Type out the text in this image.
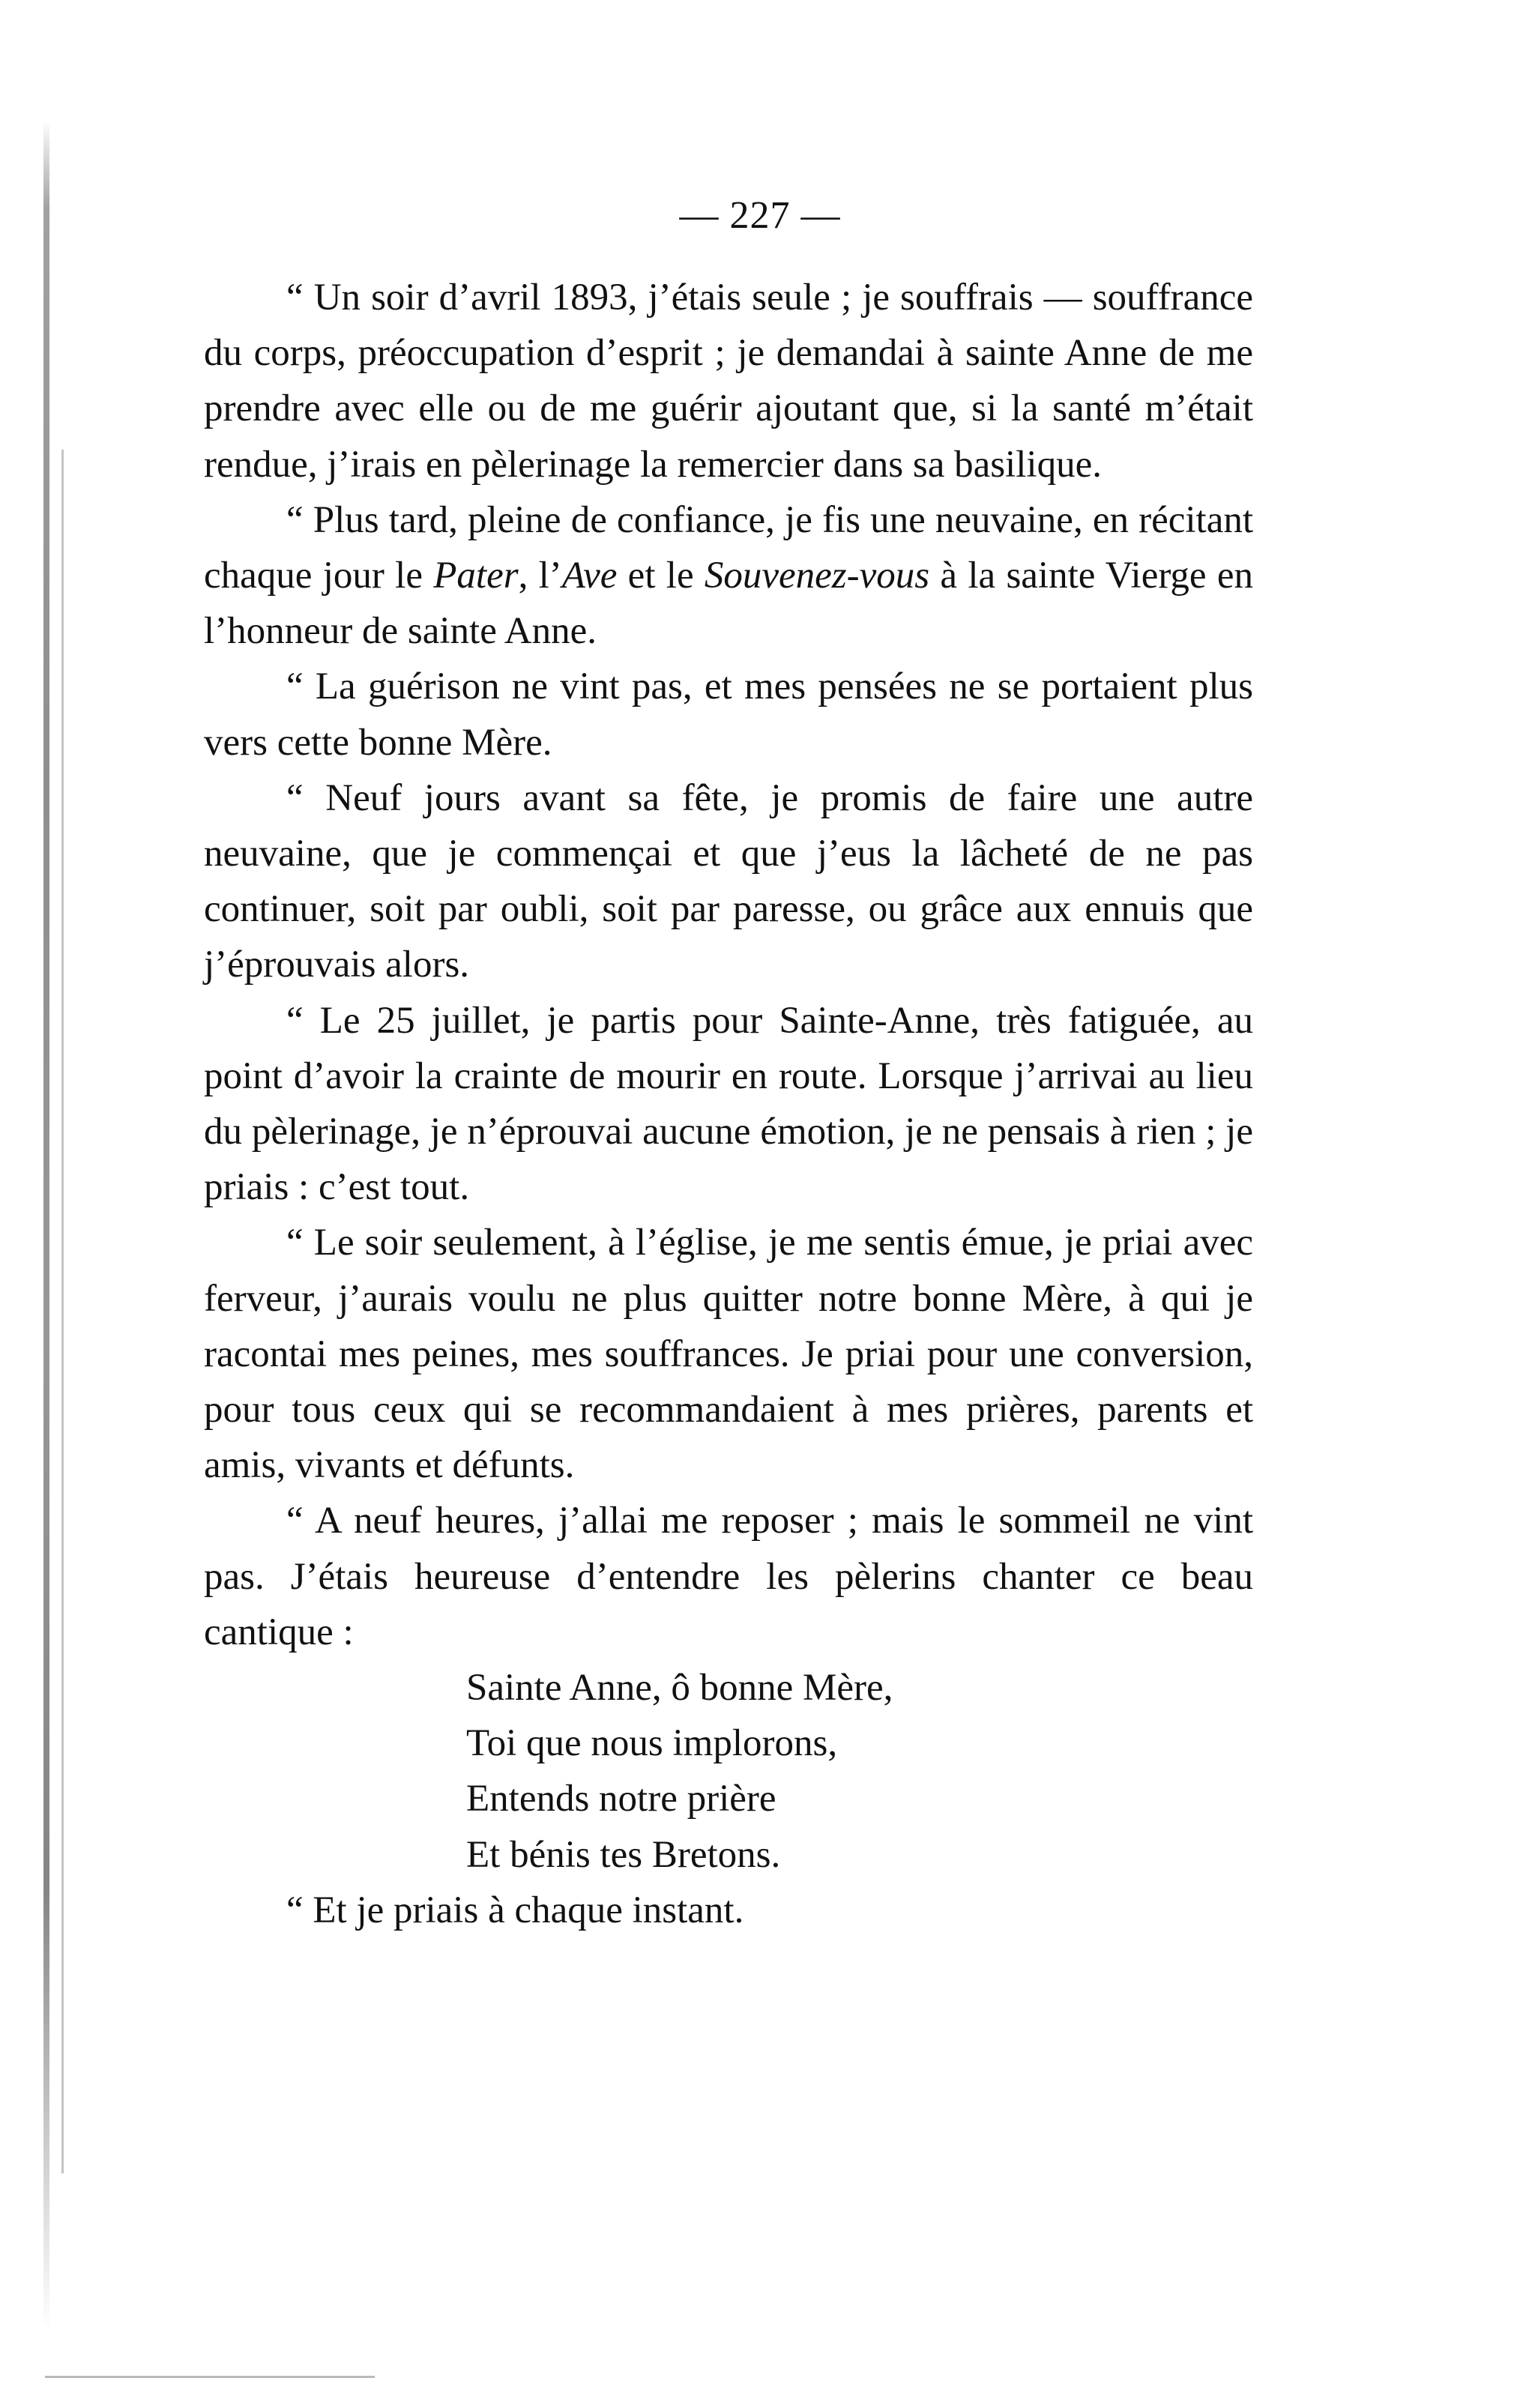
— 227 —

“ Un soir d’avril 1893, j’étais seule ; je souffrais — souffrance du corps, préoccupation d’esprit ; je demandai à sainte Anne de me prendre avec elle ou de me guérir ajoutant que, si la santé m’était rendue, j’irais en pèlerinage la remercier dans sa basilique.

“ Plus tard, pleine de confiance, je fis une neuvaine, en récitant chaque jour le Pater, l’Ave et le Souvenez-vous à la sainte Vierge en l’honneur de sainte Anne.

“ La guérison ne vint pas, et mes pensées ne se portaient plus vers cette bonne Mère.

“ Neuf jours avant sa fête, je promis de faire une autre neuvaine, que je commençai et que j’eus la lâcheté de ne pas continuer, soit par oubli, soit par paresse, ou grâce aux ennuis que j’éprouvais alors.

“ Le 25 juillet, je partis pour Sainte-Anne, très fatiguée, au point d’avoir la crainte de mourir en route. Lorsque j’arrivai au lieu du pèlerinage, je n’éprouvai aucune émotion, je ne pensais à rien ; je priais : c’est tout.

“ Le soir seulement, à l’église, je me sentis émue, je priai avec ferveur, j’aurais voulu ne plus quitter notre bonne Mère, à qui je racontai mes peines, mes souffrances. Je priai pour une conversion, pour tous ceux qui se recommandaient à mes prières, parents et amis, vivants et défunts.

“ A neuf heures, j’allai me reposer ; mais le sommeil ne vint pas. J’étais heureuse d’entendre les pèlerins chanter ce beau cantique :

Sainte Anne, ô bonne Mère,
Toi que nous implorons,
Entends notre prière
Et bénis tes Bretons.

“ Et je priais à chaque instant.
